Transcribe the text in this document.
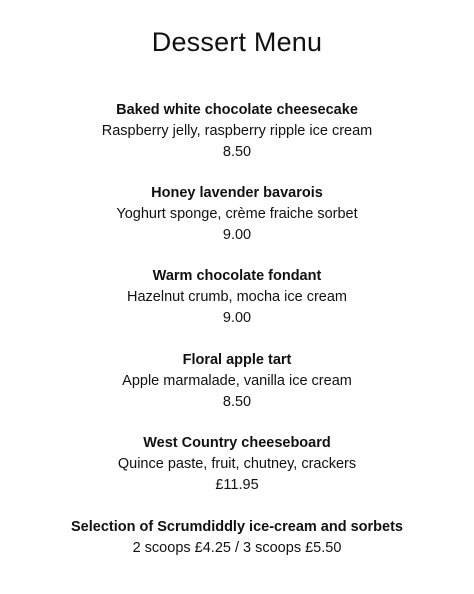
Dessert Menu
Baked white chocolate cheesecake
Raspberry jelly, raspberry ripple ice cream
8.50
Honey lavender bavarois
Yoghurt sponge, crème fraiche sorbet
9.00
Warm chocolate fondant
Hazelnut crumb, mocha ice cream
9.00
Floral apple tart
Apple marmalade, vanilla ice cream
8.50
West Country cheeseboard
Quince paste, fruit, chutney, crackers
£11.95
Selection of Scrumdiddly ice-cream and sorbets
2 scoops £4.25 / 3 scoops £5.50
